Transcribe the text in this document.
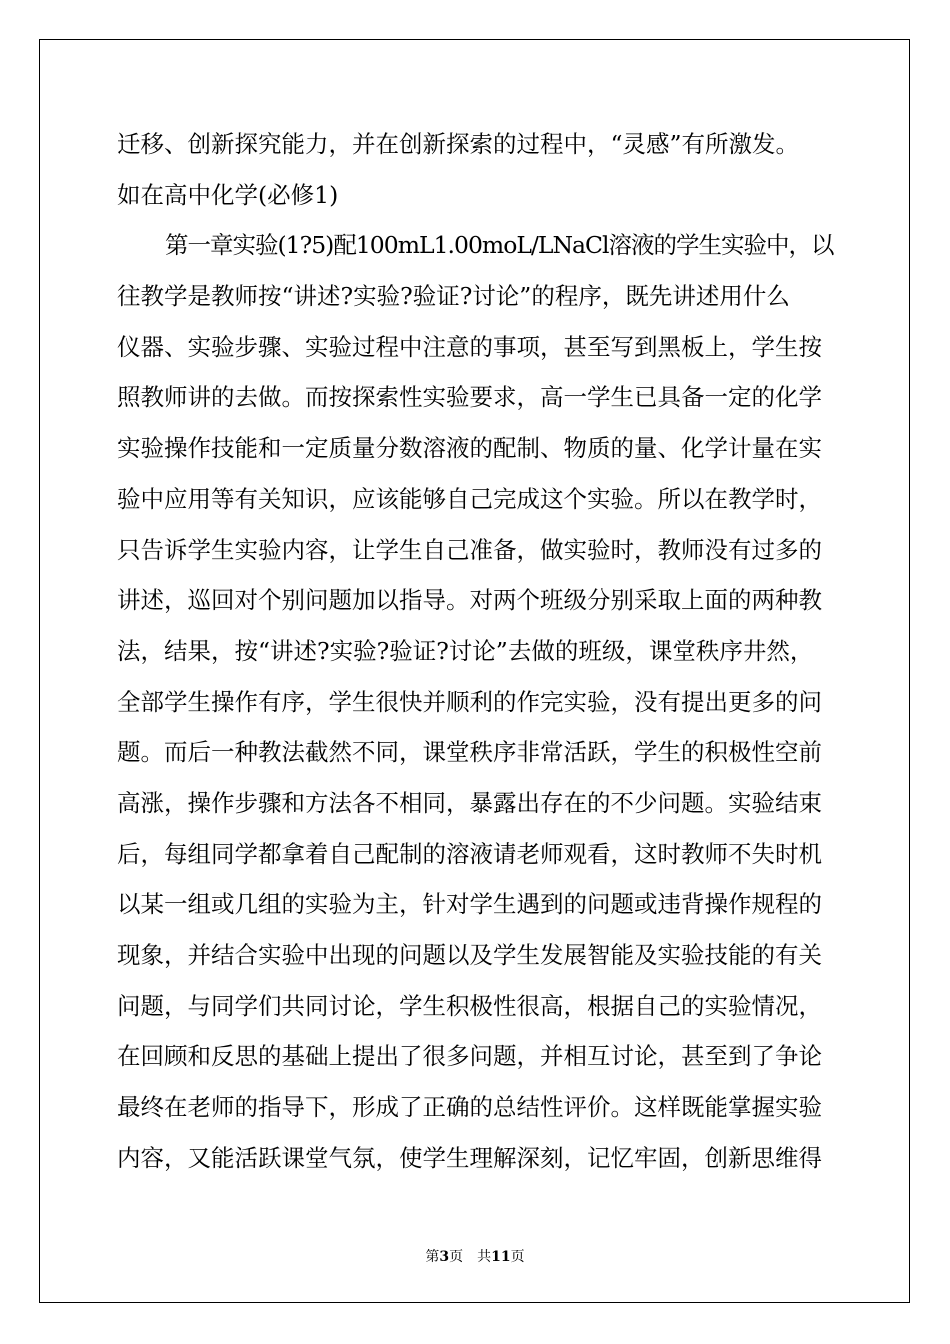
迁移、创新探究能力，并在创新探索的过程中，“灵感”有所激发。
如在高中化学(必修1)
第一章实验(1?5)配100mL1.00moL/LNaCl溶液的学生实验中，以
往教学是教师按“讲述?实验?验证?讨论”的程序，既先讲述用什么
仪器、实验步骤、实验过程中注意的事项，甚至写到黑板上，学生按
照教师讲的去做。而按探索性实验要求，高一学生已具备一定的化学
实验操作技能和一定质量分数溶液的配制、物质的量、化学计量在实
验中应用等有关知识，应该能够自己完成这个实验。所以在教学时，
只告诉学生实验内容，让学生自己准备，做实验时，教师没有过多的
讲述，巡回对个别问题加以指导。对两个班级分别采取上面的两种教
法，结果，按“讲述?实验?验证?讨论”去做的班级，课堂秩序井然，
全部学生操作有序，学生很快并顺利的作完实验，没有提出更多的问
题。而后一种教法截然不同，课堂秩序非常活跃，学生的积极性空前
高涨，操作步骤和方法各不相同，暴露出存在的不少问题。实验结束
后，每组同学都拿着自己配制的溶液请老师观看，这时教师不失时机
以某一组或几组的实验为主，针对学生遇到的问题或违背操作规程的
现象，并结合实验中出现的问题以及学生发展智能及实验技能的有关
问题，与同学们共同讨论，学生积极性很高，根据自己的实验情况，
在回顾和反思的基础上提出了很多问题，并相互讨论，甚至到了争论
最终在老师的指导下，形成了正确的总结性评价。这样既能掌握实验
内容，又能活跃课堂气氛，使学生理解深刻，记忆牢固，创新思维得
第3页 共11页
